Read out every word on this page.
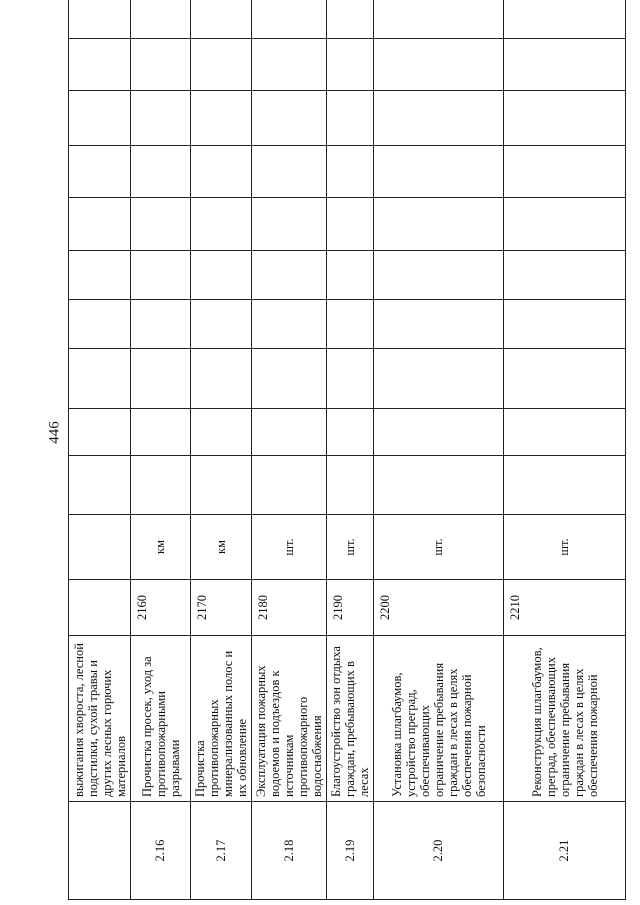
446
	выжигания хвороста, лесной подстилки, сухой травы и других лесных горючих материалов												
2.16	Прочистка просек, уход за противопожарными разрывами	2160	км										
2.17	Прочистка противопожарных минерализованных полос и их обновление	2170	км										
2.18	Эксплуатация пожарных водоемов и подъездов к источникам противопожарного водоснабжения	2180	шт.										
2.19	Благоустройство зон отдыха граждан, пребывающих в лесах	2190	шт.										
2.20	Установка шлагбаумов, устройство преград, обеспечивающих ограничение пребывания граждан в лесах в целях обеспечения пожарной безопасности	2200	шт.										
2.21	Реконструкция шлагбаумов, преград, обеспечивающих ограничение пребывания граждан в лесах в целях обеспечения пожарной	2210	шт.										
